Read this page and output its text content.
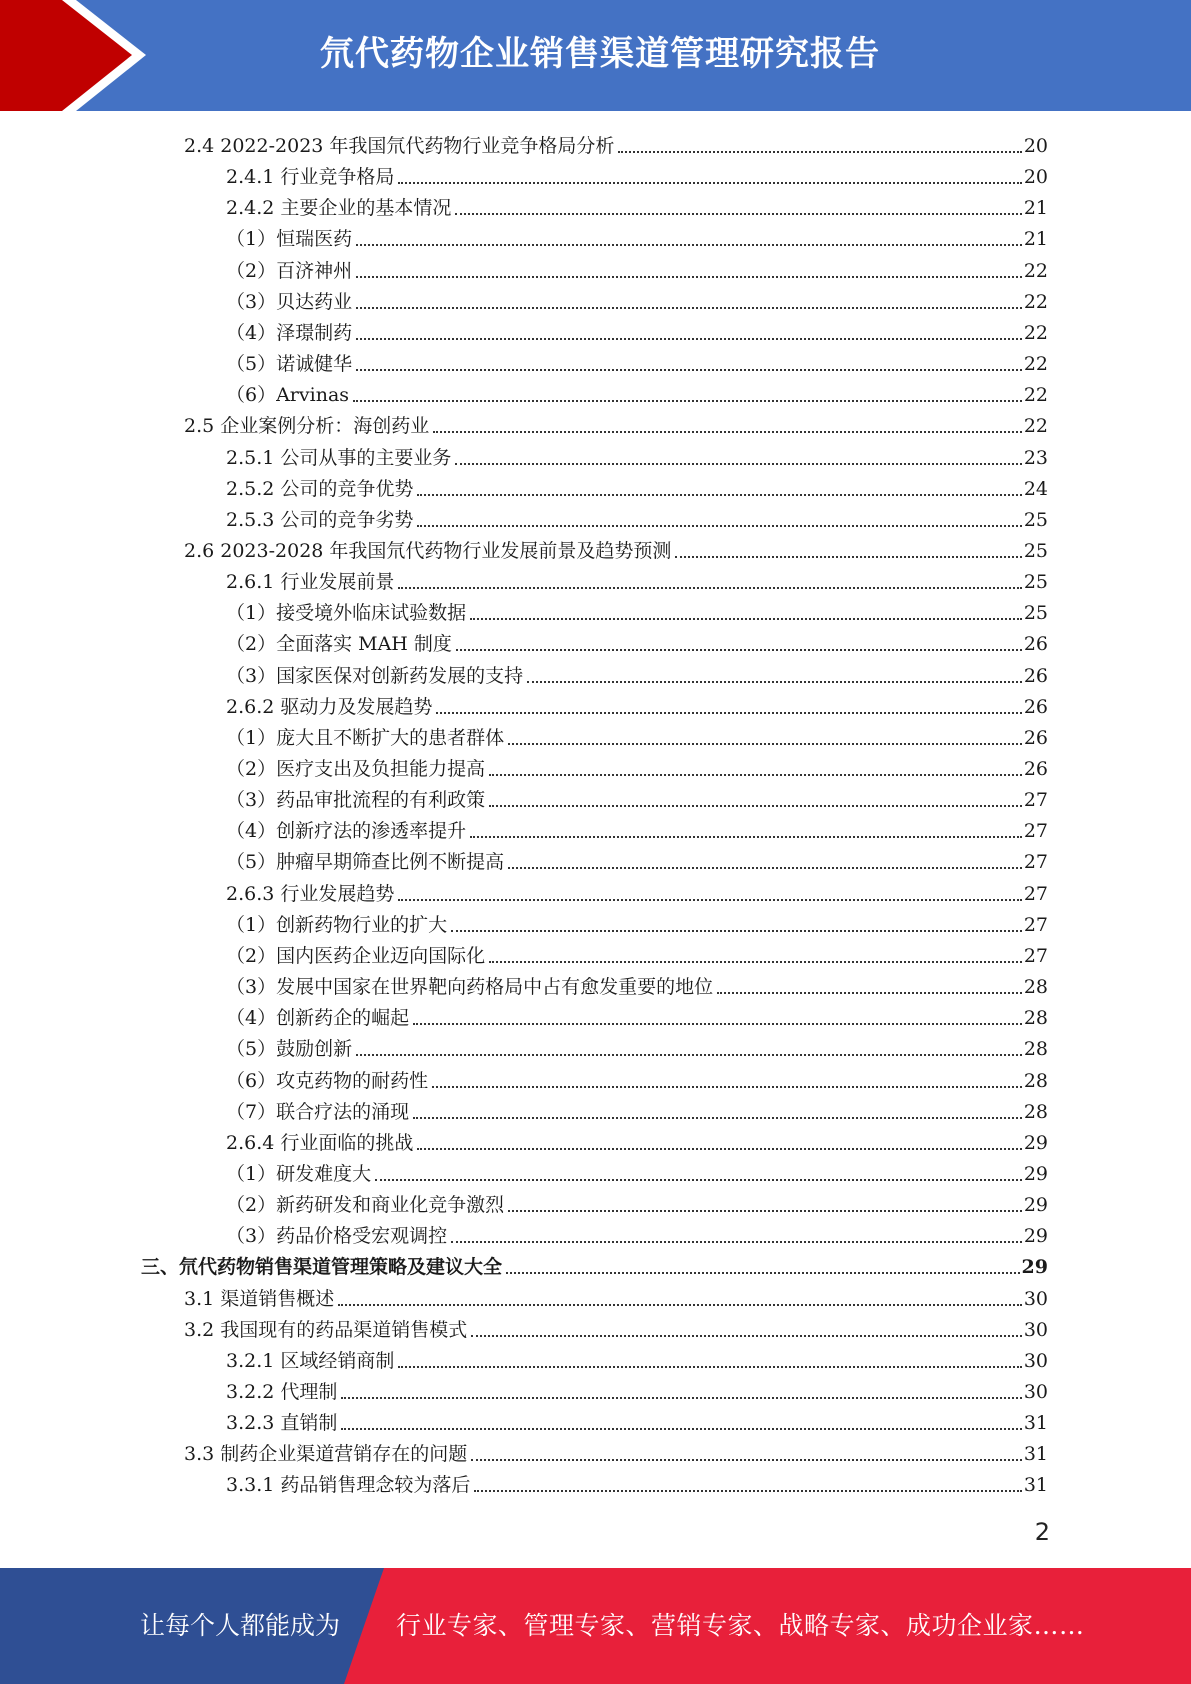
氘代药物企业销售渠道管理研究报告
2.4 2022-2023 年我国氘代药物行业竞争格局分析	20
2.4.1 行业竞争格局	20
2.4.2 主要企业的基本情况	21
（1）恒瑞医药	21
（2）百济神州	22
（3）贝达药业	22
（4）泽璟制药	22
（5）诺诚健华	22
（6）Arvinas	22
2.5 企业案例分析：海创药业	22
2.5.1 公司从事的主要业务	23
2.5.2 公司的竞争优势	24
2.5.3 公司的竞争劣势	25
2.6 2023-2028 年我国氘代药物行业发展前景及趋势预测	25
2.6.1 行业发展前景	25
（1）接受境外临床试验数据	25
（2）全面落实 MAH 制度	26
（3）国家医保对创新药发展的支持	26
2.6.2 驱动力及发展趋势	26
（1）庞大且不断扩大的患者群体	26
（2）医疗支出及负担能力提高	26
（3）药品审批流程的有利政策	27
（4）创新疗法的渗透率提升	27
（5）肿瘤早期筛查比例不断提高	27
2.6.3 行业发展趋势	27
（1）创新药物行业的扩大	27
（2）国内医药企业迈向国际化	27
（3）发展中国家在世界靶向药格局中占有愈发重要的地位	28
（4）创新药企的崛起	28
（5）鼓励创新	28
（6）攻克药物的耐药性	28
（7）联合疗法的涌现	28
2.6.4 行业面临的挑战	29
（1）研发难度大	29
（2）新药研发和商业化竞争激烈	29
（3）药品价格受宏观调控	29
三、氘代药物销售渠道管理策略及建议大全	29
3.1 渠道销售概述	30
3.2 我国现有的药品渠道销售模式	30
3.2.1 区域经销商制	30
3.2.2 代理制	30
3.2.3 直销制	31
3.3 制药企业渠道营销存在的问题	31
3.3.1 药品销售理念较为落后	31
2
让每个人都能成为 行业专家、管理专家、营销专家、战略专家、成功企业家……
